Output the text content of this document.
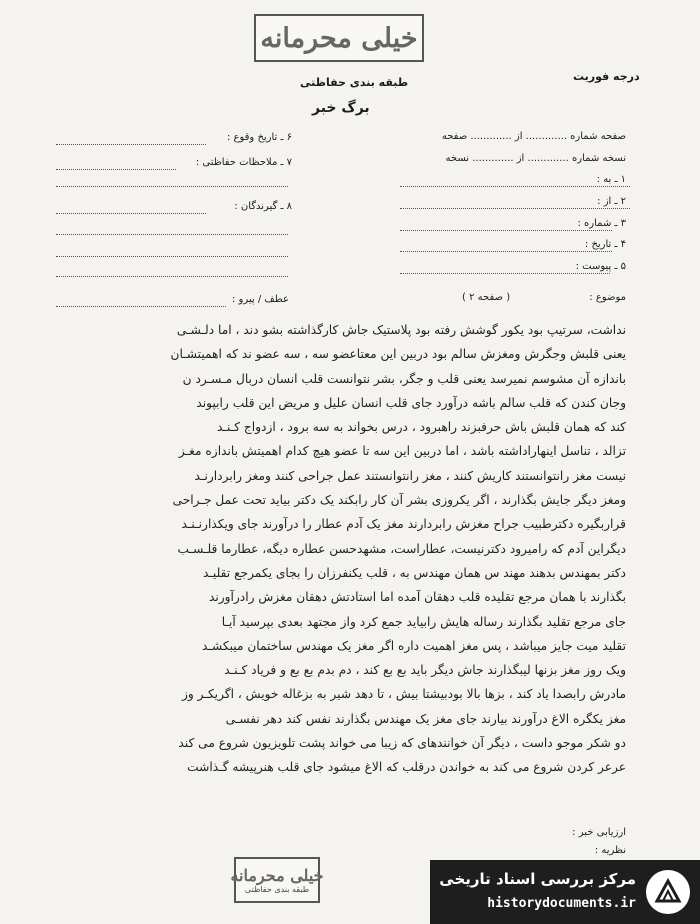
خیلی محرمانه
درجه فوریت
طبقه بندی حفاظتی
برگ خبر
صفحه شماره ............. از ............. صفحه
نسخه شماره ............. از ............. نسخه
۱ ـ به :
۲ ـ از :
۳ ـ شماره :
۴ ـ تاریخ :
۵ ـ پیوست :
۶ ـ تاریخ وقوع :
۷ ـ ملاحظات حفاظتی :
۸ ـ گیرندگان :
موضوع :
( صفحه ۲ )
عطف / پیرو :
نداشت، سرتیپ بود یکور گوشش رفته بود پلاستیک جاش کارگذاشته بشو دند ، اما دلـشـی
یعنی قلبش وجگرش ومغزش سالم بود دربین این معتاعضو سه ، سه عضو ند که اهمیتشـان
باندازه آن مشوسم نمیرسد یعنی قلب و جگر، بشر نتوانست قلب انسان دربال مـسـرد ن
وجان کندن که قلب سالم باشه درآورد جای قلب انسان علیل و مریض این قلب رابپوند
کند که همان قلبش باش حرفبزند راهبرود ، درس بخواند به سه برود ، ازدواج کـنـد
تزالد ، تناسل اینهاراداشته باشد ، اما دربین این سه تا عضو هیچ کدام اهمیتش باندازه مغـز
نیست مغز رانتوانستند کاریش کنند ، مغز رانتوانستند عمل جراحی کنند ومغز رابردارنـد
ومغز دیگر جایش بگذارند ، اگر یکروزی بشر آن کار رابکند یک دکتر بیاید تحت عمل جـراحی
قراربگیره دکترطبیب جراح مغزش رابردارند مغز یک آدم عطار را درآورند جای ویکذارنـنـد
دیگراین آدم که رامیرود دکترنیست، عطاراست، مشهدحسن عطاره دیگه، عطارما قلـسـب
دکتر بمهندس بدهند مهند س همان مهندس به ، قلب یکنفرزان را بجای یکمرجع تقلیـد
بگذارند با همان مرجع تقلیده قلب دهقان آمده اما استادتش دهقان مغزش رادرآورند
جای مرجع تقلید بگذارند رساله هایش رابیاید جمع کرد واز مجتهد بعدی بپرسید آیـا
تقلید میت جایز میباشد ، پس مغز اهمیت داره اگر مغز یک مهندس ساختمان میبکشـد
ویک روز مغز بزنها لیبگذارند جاش دیگر باید بع بع کند ، دم بدم بع بع و فریاد کـنـد
مادرش رابصدا یاد کند ، بزها بالا بودبیشتا بیش ، تا دهد شیر به بزغاله خویش ، اگریکـر وز
مغز یکگره الاغ درآورند بیارند جای مغز یک مهندس بگذارند نفس کند دهر نفسـی
دو شکر موجو داست ، دیگر آن خوانندهای که زیبا می خواند پشت تلویزیون شروع می کند
عرعر کردن شروع می کند به خواندن درقلب که الاغ میشود جای قلب هنرپیشه گـذاشت
ارزیابی خبر :
نظریه :
خیلی محرمانه
طبقه بندی حفاظتی
مرکز بررسی اسناد تاریخی
historydocuments.ir
